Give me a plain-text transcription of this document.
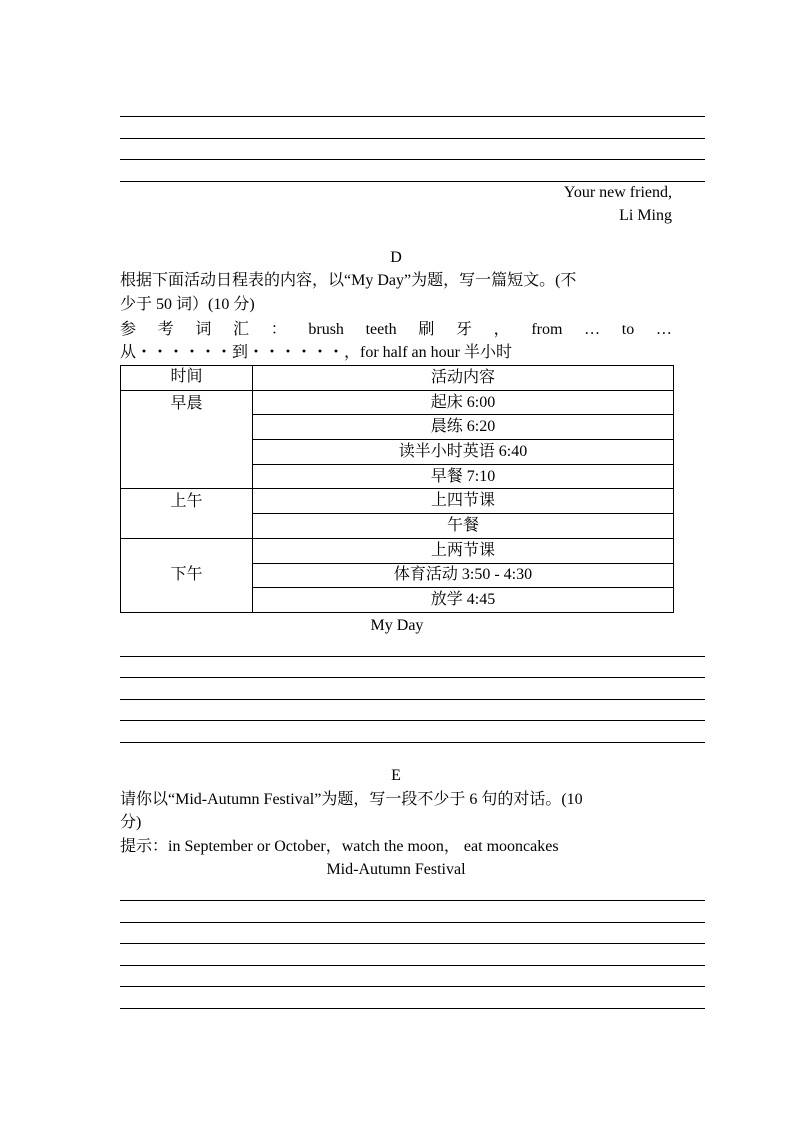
Your new friend,
Li Ming
D
根据下面活动日程表的内容，以“My Day”为题，写一篇短文。(不
少于 50 词）(10 分)
参 考 词 汇 ： brush teeth 刷 牙 ， from … to …
从・・・・・・到・・・・・・，for half an hour 半小时
时间	活动内容
早晨	起床 6:00
	晨练 6:20
	读半小时英语 6:40
	早餐 7:10
上午	上四节课
	午餐
下午	上两节课
	体育活动 3:50 - 4:30
	放学 4:45
My Day
E
请你以“Mid-Autumn Festival”为题，写一段不少于 6 句的对话。(10
分)
提示：in September or October，watch the moon， eat mooncakes
Mid-Autumn Festival
